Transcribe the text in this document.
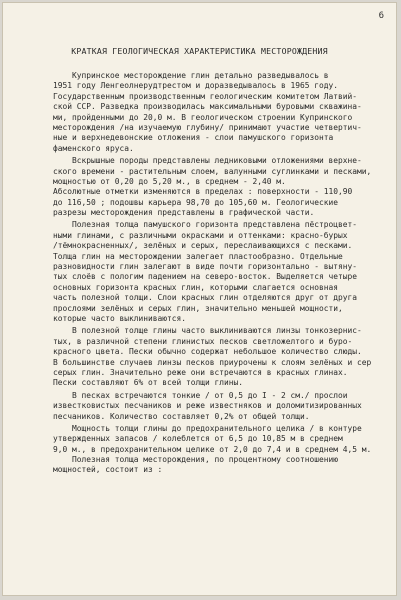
6
КРАТКАЯ ГЕОЛОГИЧЕСКАЯ ХАРАКТЕРИСТИКА МЕСТОРОЖДЕНИЯ
Купринское месторождение глин детально разведывалось в
1951 году Ленгеолнерудтрестом и доразведывалось в 1965 году.
Государственным производственным геологическим комитетом Латвий-
ской ССР. Разведка производилась максимальными буровыми скважина-
ми, пройденными до 20,0 м. В геологическом строении Купринского
месторождения /на изучаемую глубину/ принимают участие четвертич-
ные и верхнедевонские отложения - слои памушского горизонта
фаменского яруса.
Вскрышные породы представлены ледниковыми отложениями верхне-
ского времени - растительным слоем, валунными суглинками и песками,
мощностью от 0,20 до 5,20 м., в среднем - 2,40 м.
Абсолютные отметки изменяются в пределах : поверхности - 110,90
до 116,50 ; подошвы карьера 98,70 до 105,60 м. Геологические
разрезы месторождения представлены в графической части.
Полезная толща памушского горизонта представлена пёстроцвет-
ными глинами, с различными окрасками и оттенками: красно-бурых
/тёмнокрасненных/, зелёных и серых, переслаивающихся с песками.
Толща глин на месторождении залегает пластообразно. Отдельные
разновидности глин залегают в виде почти горизонтально - вытяну-
тых слоёв с пологим падением на северо-восток. Выделяется четыре
основных горизонта красных глин, которыми слагается основная
часть полезной толщи. Слои красных глин отделяются друг от друга
прослоями зелёных и серых глин, значительно меньшей мощности,
которые часто выклиниваются.
В полезной толще глины часто выклиниваются линзы тонкозернис-
тых, в различной степени глинистых песков светложелтого и буро-
красного цвета. Пески обычно содержат небольшое количество слюды.
В большинстве случаев линзы песков приурочены к слоям зелёных и сер
серых глин. Значительно реже они встречаются в красных глинах.
Пески составляют 6% от всей толщи глины.
В песках встречаются тонкие / от 0,5 до I - 2 см./ прослои
известковистых песчаников и реже известняков и доломитизированных
песчаников. Количество составляет 0,2% от общей толщи.
Мощность толщи глины до предохранительного целика / в контуре
утвержденных запасов / колеблется от 6,5 до 10,85 м в среднем
9,0 м., в предохранительном целике от 2,0 до 7,4 и в среднем 4,5 м.
Полезная толща месторождения, по процентному соотношению
мощностей, состоит из :
